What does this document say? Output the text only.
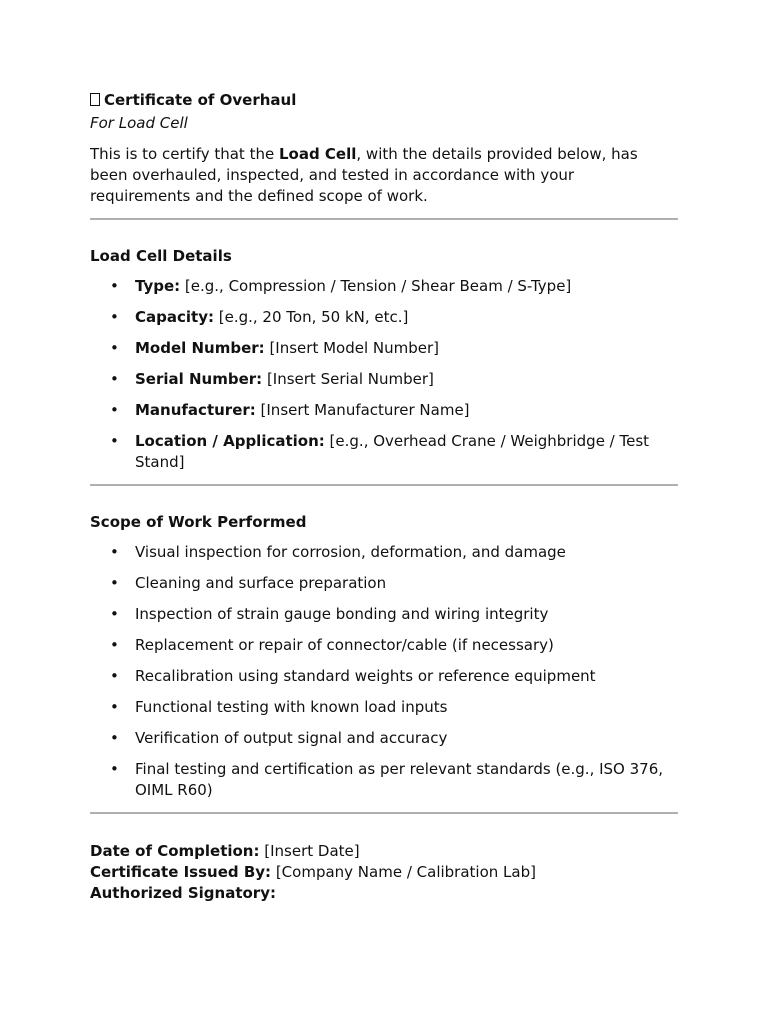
Certificate of Overhaul

For Load Cell

This is to certify that the Load Cell, with the details provided below, has been overhauled, inspected, and tested in accordance with your requirements and the defined scope of work.

Load Cell Details
• Type: [e.g., Compression / Tension / Shear Beam / S-Type]
• Capacity: [e.g., 20 Ton, 50 kN, etc.]
• Model Number: [Insert Model Number]
• Serial Number: [Insert Serial Number]
• Manufacturer: [Insert Manufacturer Name]
• Location / Application: [e.g., Overhead Crane / Weighbridge / Test Stand]
Scope of Work Performed
• Visual inspection for corrosion, deformation, and damage
• Cleaning and surface preparation
• Inspection of strain gauge bonding and wiring integrity
• Replacement or repair of connector/cable (if necessary)
• Recalibration using standard weights or reference equipment
• Functional testing with known load inputs
• Verification of output signal and accuracy
• Final testing and certification as per relevant standards (e.g., ISO 376, OIML R60)

Date of Completion: [Insert Date]

Certificate Issued By: [Company Name / Calibration Lab]

Authorized Signatory:
